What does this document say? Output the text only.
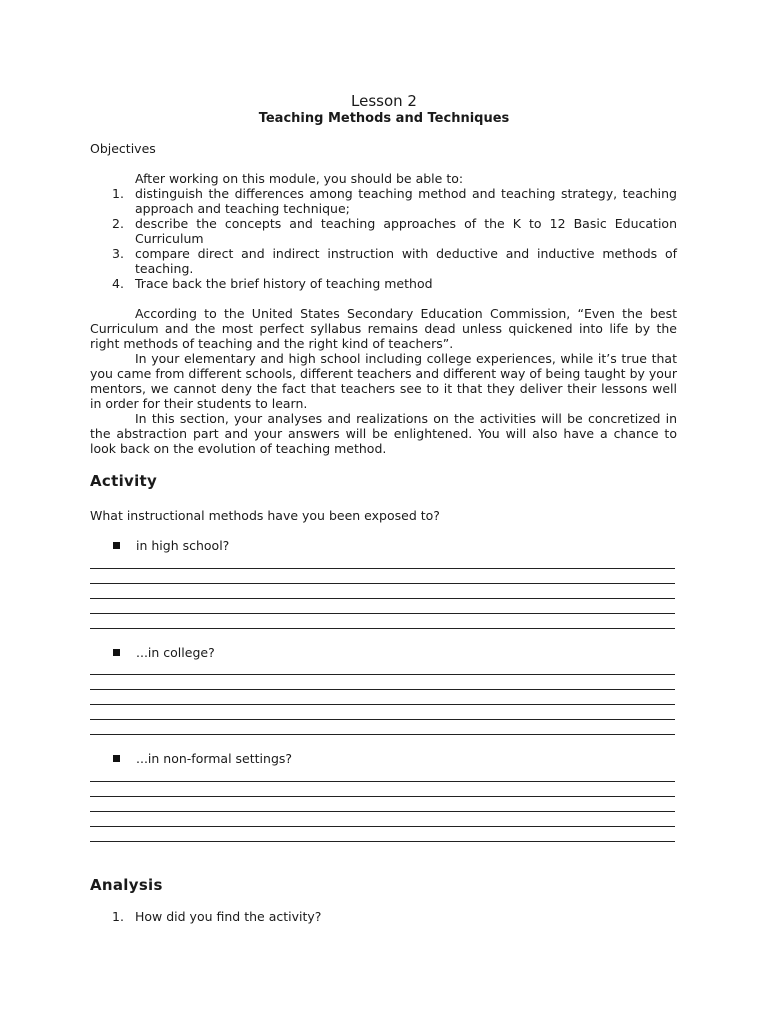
Lesson 2
Teaching Methods and Techniques
Objectives
After working on this module, you should be able to:
1. distinguish the differences among teaching method and teaching strategy, teaching approach and teaching technique;
2. describe the concepts and teaching approaches of the K to 12 Basic Education Curriculum
3. compare direct and indirect instruction with deductive and inductive methods of teaching.
4. Trace back the brief history of teaching method

According to the United States Secondary Education Commission, “Even the best Curriculum and the most perfect syllabus remains dead unless quickened into life by the right methods of teaching and the right kind of teachers”.

In your elementary and high school including college experiences, while it’s true that you came from different schools, different teachers and different way of being taught by your mentors, we cannot deny the fact that teachers see to it that they deliver their lessons well in order for their students to learn.

In this section, your analyses and realizations on the activities will be concretized in the abstraction part and your answers will be enlightened. You will also have a chance to look back on the evolution of teaching method.

Activity
What instructional methods have you been exposed to?
in high school?
...in college?
...in non-formal settings?
Analysis
1. How did you find the activity?
